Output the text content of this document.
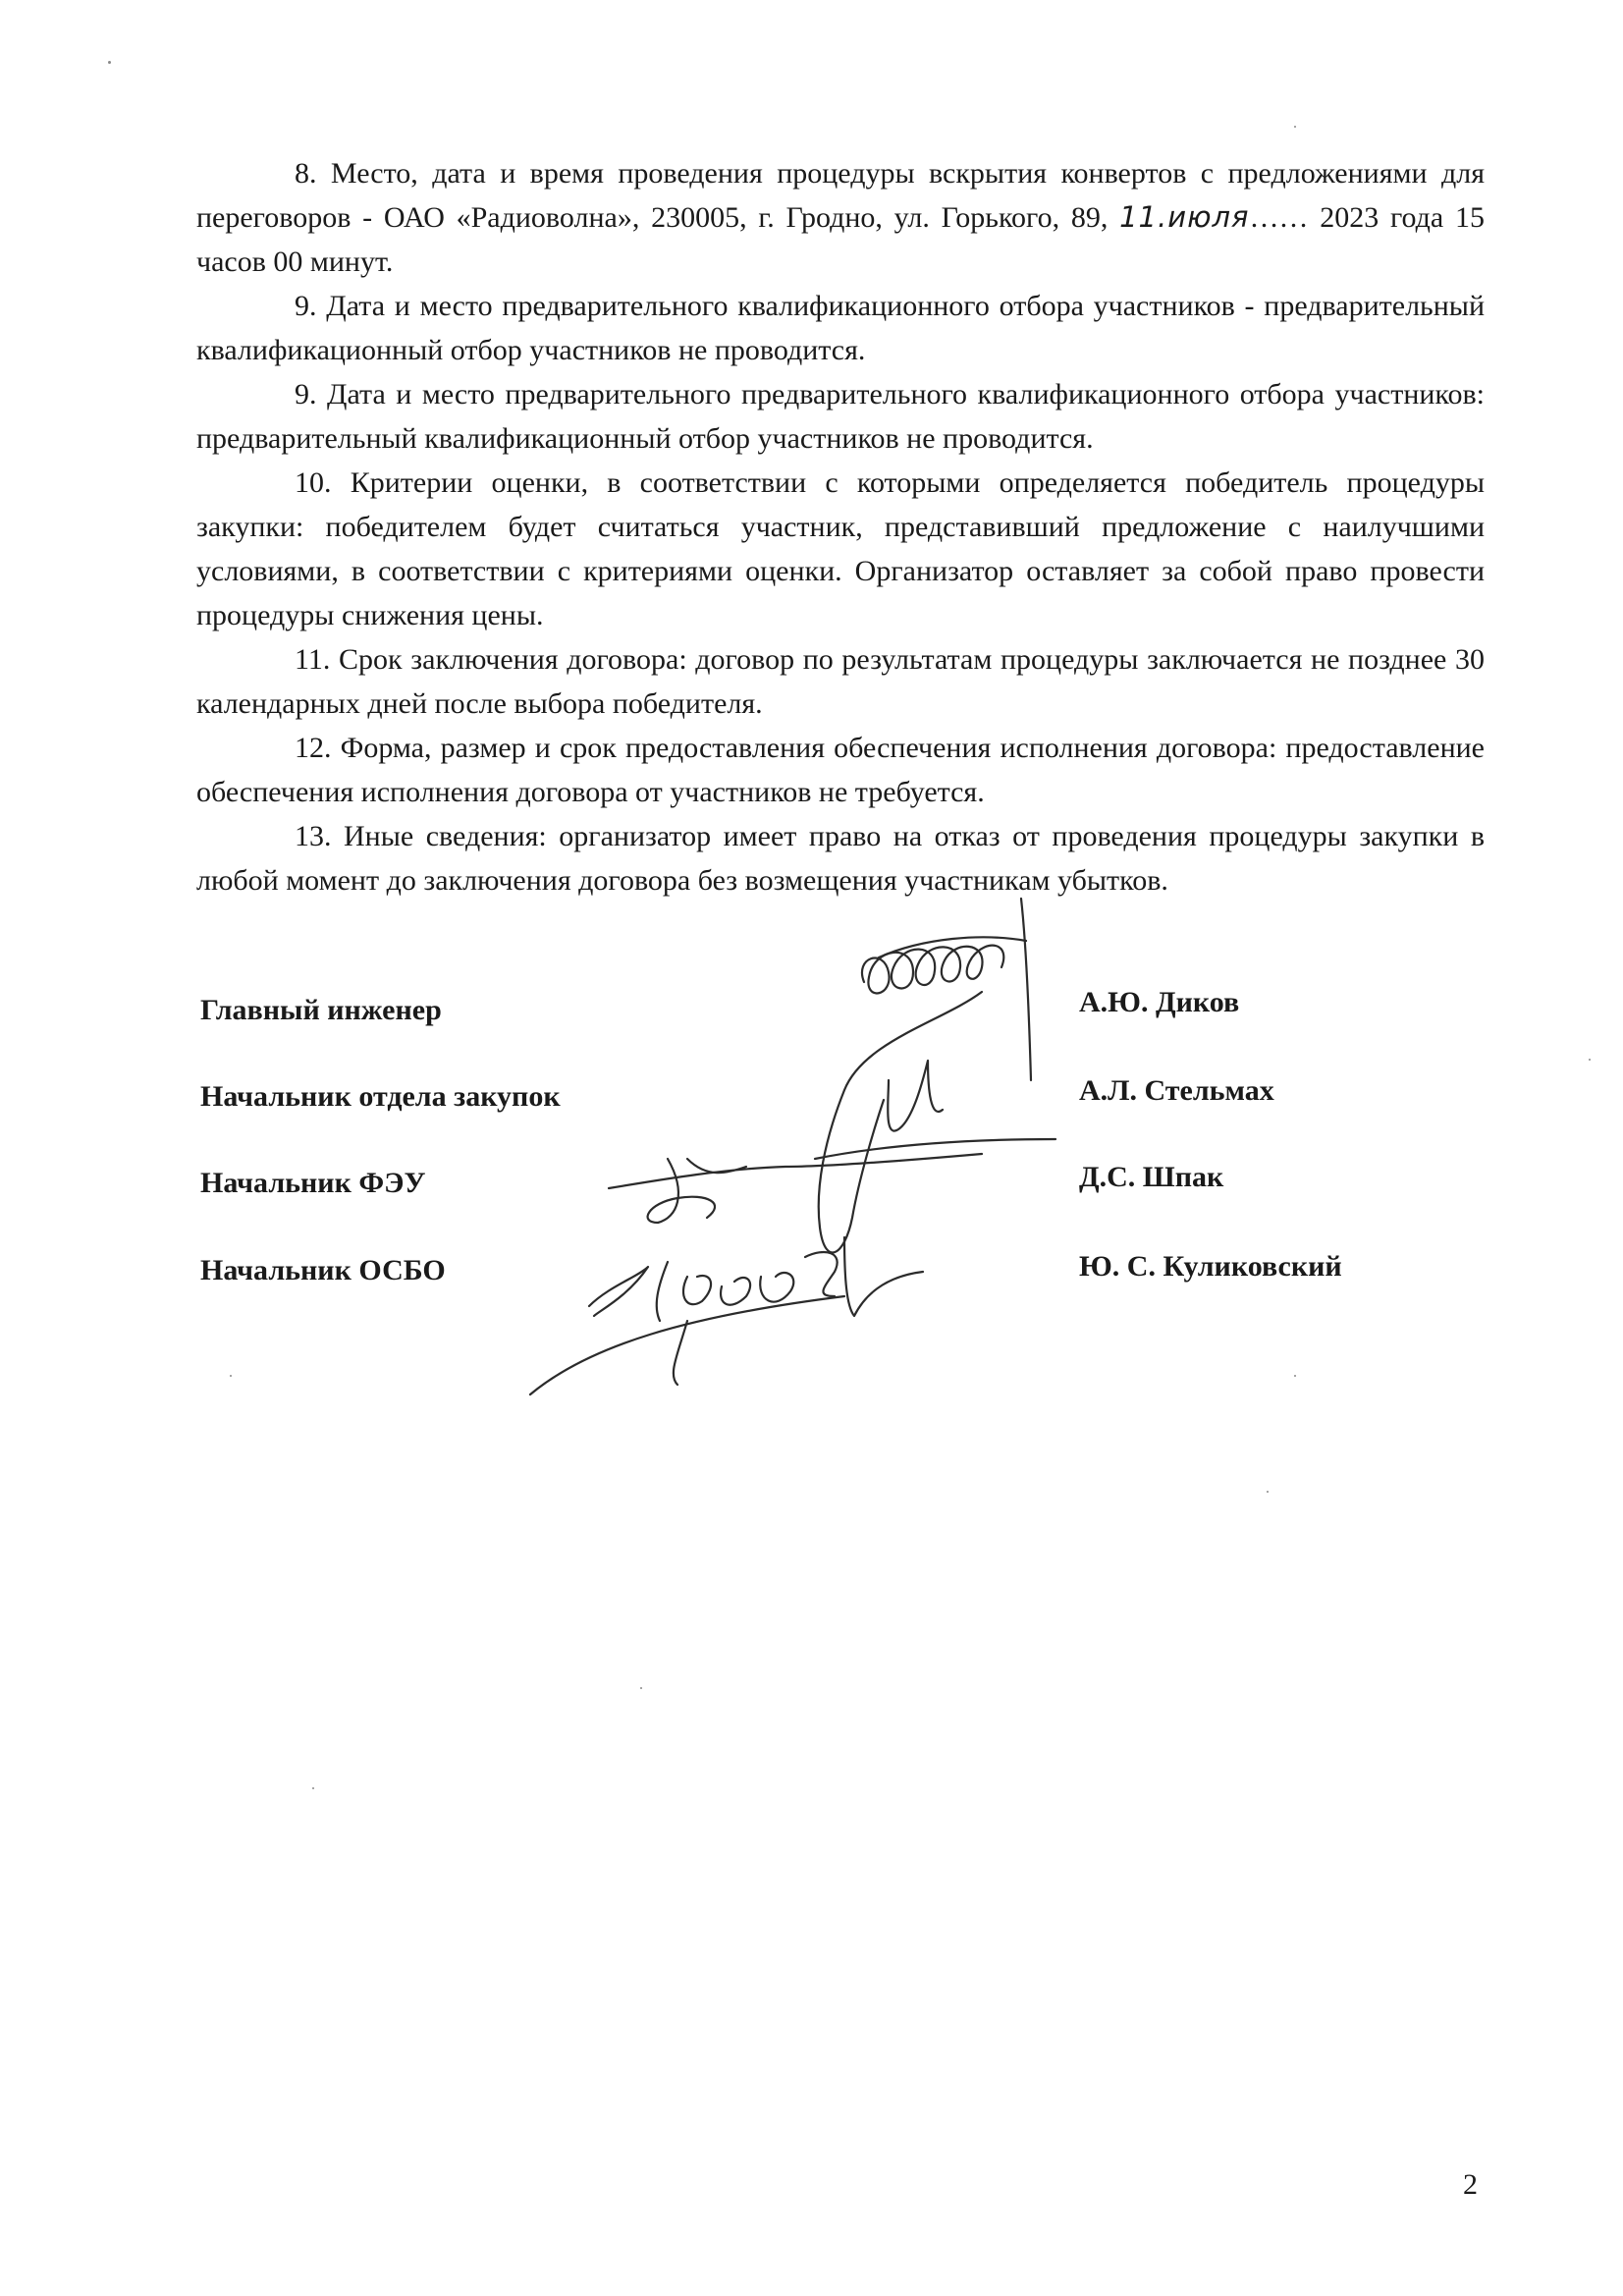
8. Место, дата и время проведения процедуры вскрытия конвертов с предложениями для переговоров - ОАО «Радиоволна», 230005, г. Гродно, ул. Горького, 89, 11.июля…… 2023 года 15 часов 00 минут.

9. Дата и место предварительного квалификационного отбора участников - предварительный квалификационный отбор участников не проводится.

9. Дата и место предварительного предварительного квалификационного отбора участников: предварительный квалификационный отбор участников не проводится.

10. Критерии оценки, в соответствии с которыми определяется победитель процедуры закупки: победителем будет считаться участник, представивший предложение с наилучшими условиями, в соответствии с критериями оценки. Организатор оставляет за собой право провести процедуры снижения цены.

11. Срок заключения договора: договор по результатам процедуры заключается не позднее 30 календарных дней после выбора победителя.

12. Форма, размер и срок предоставления обеспечения исполнения договора: предоставление обеспечения исполнения договора от участников не требуется.

13. Иные сведения: организатор имеет право на отказ от проведения процедуры закупки в любой момент до заключения договора без возмещения участникам убытков.

Главный инженер	А.Ю. Диков
Начальник отдела закупок	А.Л. Стельмах
Начальник ФЭУ	Д.С. Шпак
Начальник ОСБО	Ю. С. Куликовский
2
